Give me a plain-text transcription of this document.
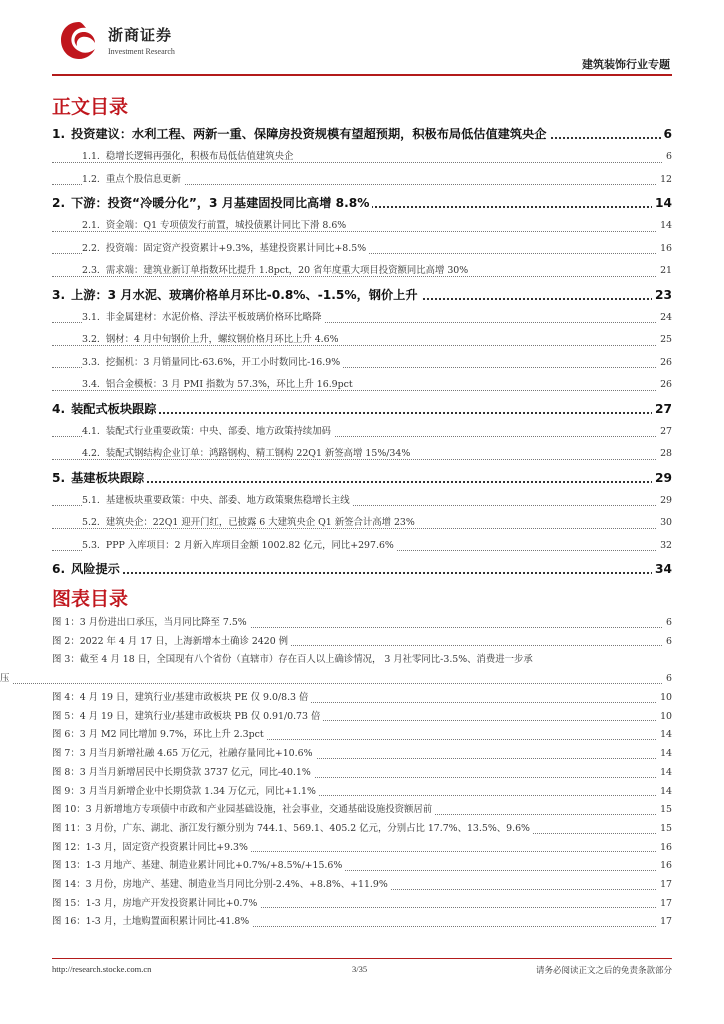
浙商证券
Investment Research
建筑装饰行业专题
正文目录
1. 投资建议：水利工程、两新一重、保障房投资规模有望超预期，积极布局低估值建筑央企	6
1.1. 稳增长逻辑再强化，积极布局低估值建筑央企	6
1.2. 重点个股信息更新	12
2. 下游：投资“冷暖分化”，3 月基建固投同比高增 8.8%	14
2.1. 资金端：Q1 专项债发行前置，城投债累计同比下滑 8.6%	14
2.2. 投资端：固定资产投资累计+9.3%，基建投资累计同比+8.5%	16
2.3. 需求端：建筑业新订单指数环比提升 1.8pct，20 省年度重大项目投资额同比高增 30%	21
3. 上游：3 月水泥、玻璃价格单月环比-0.8%、-1.5%，钢价上升	23
3.1. 非金属建材：水泥价格、浮法平板玻璃价格环比略降	24
3.2. 钢材：4 月中旬钢价上升，螺纹钢价格月环比上升 4.6%	25
3.3. 挖掘机：3 月销量同比-63.6%，开工小时数同比-16.9%	26
3.4. 铝合金模板：3 月 PMI 指数为 57.3%，环比上升 16.9pct	26
4. 装配式板块跟踪	27
4.1. 装配式行业重要政策：中央、部委、地方政策持续加码	27
4.2. 装配式钢结构企业订单：鸿路钢构、精工钢构 22Q1 新签高增 15%/34%	28
5. 基建板块跟踪	29
5.1. 基建板块重要政策：中央、部委、地方政策聚焦稳增长主线	29
5.2. 建筑央企：22Q1 迎开门红，已披露 6 大建筑央企 Q1 新签合计高增 23%	30
5.3. PPP 入库项目：2 月新入库项目金额 1002.82 亿元，同比+297.6%	32
6. 风险提示	34
图表目录
图 1：3 月份进出口承压，当月同比降至 7.5%	6
图 2：2022 年 4 月 17 日，上海新增本土确诊 2420 例	6
图 3：截至 4 月 18 日，全国现有八个省份（直辖市）存在百人以上确诊情况， 3 月社零同比-3.5%、消费进一步承
压	6
图 4：4 月 19 日，建筑行业/基建市政板块 PE 仅 9.0/8.3 倍	10
图 5：4 月 19 日，建筑行业/基建市政板块 PB 仅 0.91/0.73 倍	10
图 6：3 月 M2 同比增加 9.7%，环比上升 2.3pct	14
图 7：3 月当月新增社融 4.65 万亿元，社融存量同比+10.6%	14
图 8：3 月当月新增居民中长期贷款 3737 亿元，同比-40.1%	14
图 9：3 月当月新增企业中长期贷款 1.34 万亿元，同比+1.1%	14
图 10：3 月新增地方专项债中市政和产业园基础设施，社会事业，交通基础设施投资额居前	15
图 11：3 月份，广东、湖北、浙江发行额分别为 744.1、569.1、405.2 亿元，分别占比 17.7%、13.5%、9.6%	15
图 12：1-3 月，固定资产投资累计同比+9.3%	16
图 13：1-3 月地产、基建、制造业累计同比+0.7%/+8.5%/+15.6%	16
图 14：3 月份，房地产、基建、制造业当月同比分别-2.4%、+8.8%、+11.9%	17
图 15：1-3 月，房地产开发投资累计同比+0.7%	17
图 16：1-3 月，土地购置面积累计同比-41.8%	17
http://research.stocke.com.cn	3/35	请务必阅读正文之后的免责条款部分
